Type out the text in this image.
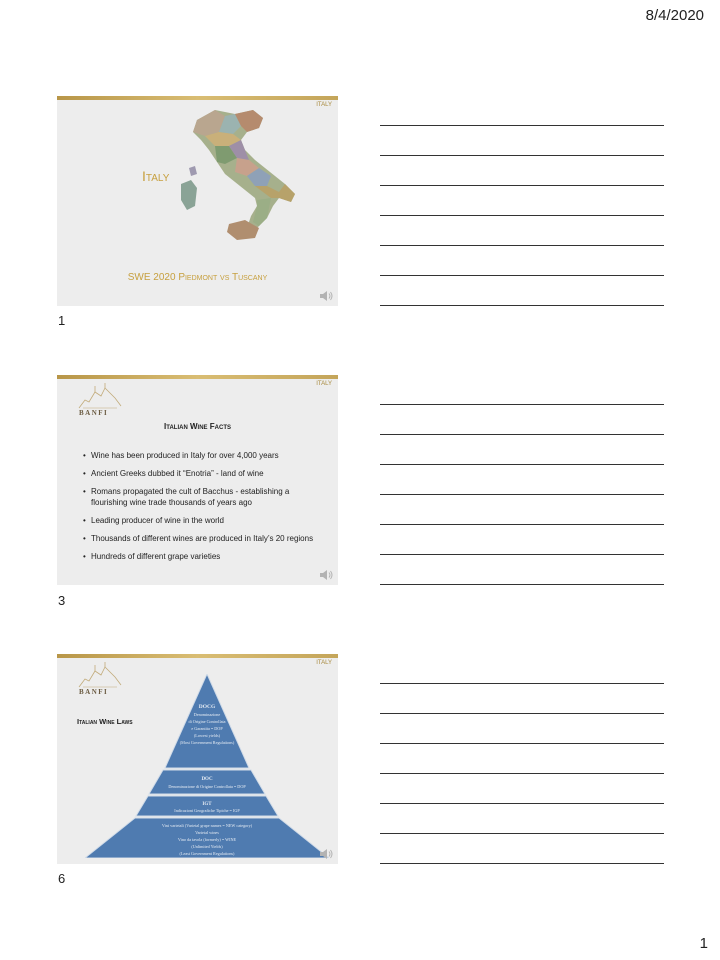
8/4/2020
ITALY
Italy
SWE 2020 Piedmont vs Tuscany
1
ITALY
BANFI
Italian Wine Facts
• Wine has been produced in Italy for over 4,000 years
• Ancient Greeks dubbed it “Enotria” - land of wine
• Romans propagated the cult of Bacchus - establishing a flourishing wine trade thousands of years ago
• Leading producer of wine in the world
• Thousands of different wines are produced in Italy’s 20 regions
• Hundreds of different grape varieties
3
ITALY
BANFI
Italian Wine Laws
DOCG
Denominazione
di Origine Controllata
e Garantita = DOP
(Lowest yields)
(Most Government Regulations)
DOC
Denominazione di Origine Controllata = DOP
IGT
Indicazioni Geografiche Tipiche = IGP
Vini varietali (Varietal grape names = NEW category)
Varietal wines
Vino da tavola (formerly) = WINE
(Unlimited Yields)
(Least Government Regulations)
6
1
